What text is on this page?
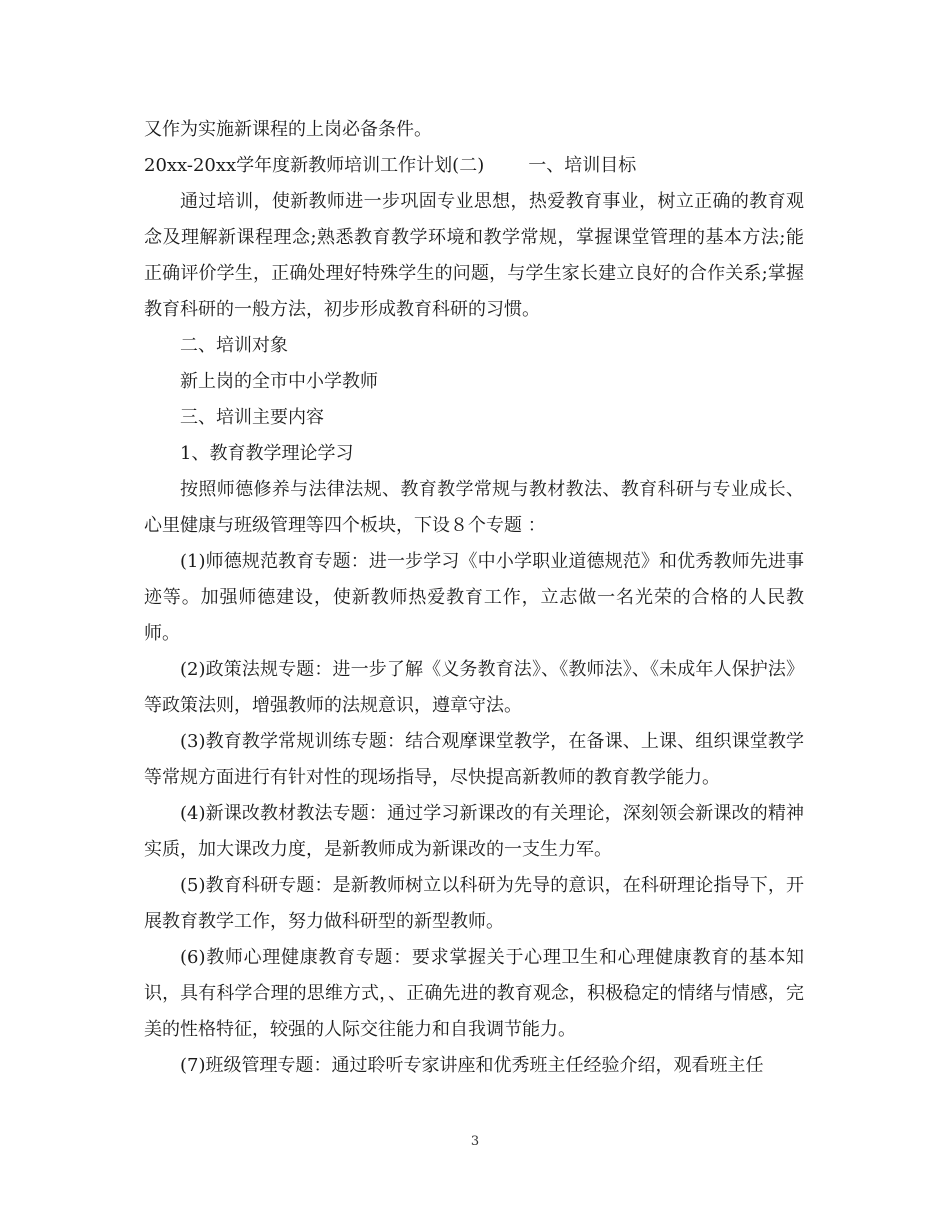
又作为实施新课程的上岗必备条件。

20xx-20xx学年度新教师培训工作计划(二) 一、培训目标

通过培训，使新教师进一步巩固专业思想，热爱教育事业，树立正确的教育观念及理解新课程理念;熟悉教育教学环境和教学常规，掌握课堂管理的基本方法;能正确评价学生，正确处理好特殊学生的问题，与学生家长建立良好的合作关系;掌握教育科研的一般方法，初步形成教育科研的习惯。

二、培训对象

新上岗的全市中小学教师

三、培训主要内容

1、教育教学理论学习

按照师德修养与法律法规、教育教学常规与教材教法、教育科研与专业成长、心里健康与班级管理等四个板块，下设８个专题 ：

(1)师德规范教育专题：进一步学习《中小学职业道德规范》和优秀教师先进事迹等。加强师德建设，使新教师热爱教育工作，立志做一名光荣的合格的人民教师。

(2)政策法规专题：进一步了解《义务教育法》、《教师法》、《未成年人保护法》等政策法则，增强教师的法规意识，遵章守法。

(3)教育教学常规训练专题：结合观摩课堂教学，在备课、上课、组织课堂教学等常规方面进行有针对性的现场指导，尽快提高新教师的教育教学能力。

(4)新课改教材教法专题：通过学习新课改的有关理论，深刻领会新课改的精神实质，加大课改力度，是新教师成为新课改的一支生力军。

(5)教育科研专题：是新教师树立以科研为先导的意识，在科研理论指导下，开展教育教学工作，努力做科研型的新型教师。

(6)教师心理健康教育专题：要求掌握关于心理卫生和心理健康教育的基本知识，具有科学合理的思维方式，、正确先进的教育观念，积极稳定的情绪与情感，完美的性格特征，较强的人际交往能力和自我调节能力。

(7)班级管理专题：通过聆听专家讲座和优秀班主任经验介绍，观看班主任

3
